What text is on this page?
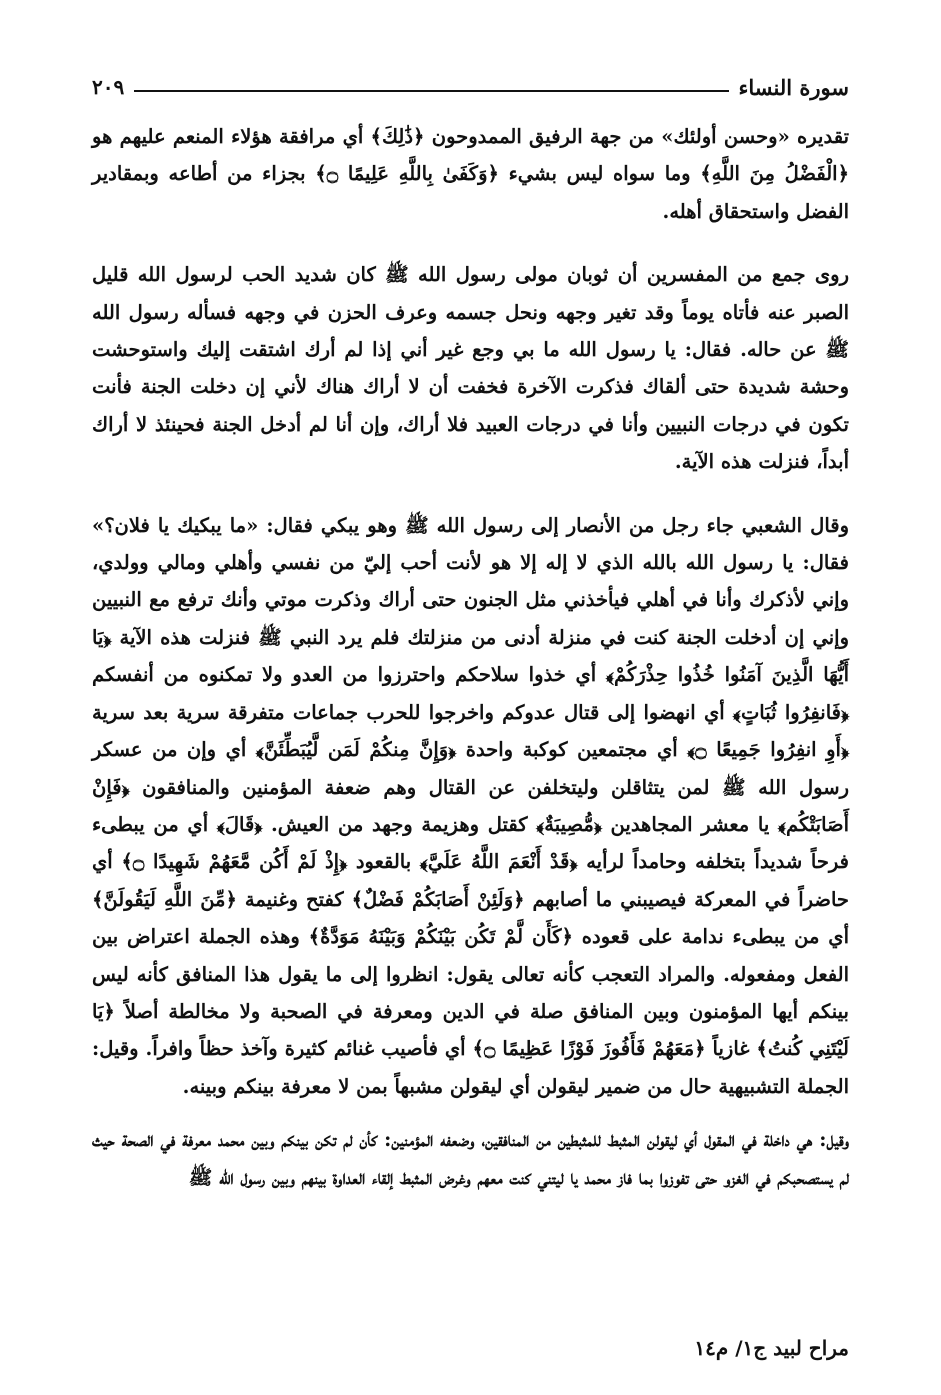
سورة النساء
٢٠٩

تقديره «وحسن أولئك» من جهة الرفيق الممدوحون ﴿ذَٰلِكَ﴾ أي مرافقة هؤلاء المنعم عليهم هو ﴿الْفَضْلُ مِنَ اللَّهِ﴾ وما سواه ليس بشيء ﴿وَكَفَىٰ بِاللَّهِ عَلِيمًا ۝﴾ بجزاء من أطاعه وبمقادير الفضل واستحقاق أهله.

روى جمع من المفسرين أن ثوبان مولى رسول الله ﷺ كان شديد الحب لرسول الله قليل الصبر عنه فأتاه يوماً وقد تغير وجهه ونحل جسمه وعرف الحزن في وجهه فسأله رسول الله ﷺ عن حاله. فقال: يا رسول الله ما بي وجع غير أني إذا لم أرك اشتقت إليك واستوحشت وحشة شديدة حتى ألقاك فذكرت الآخرة فخفت أن لا أراك هناك لأني إن دخلت الجنة فأنت تكون في درجات النبيين وأنا في درجات العبيد فلا أراك، وإن أنا لم أدخل الجنة فحينئذ لا أراك أبداً، فنزلت هذه الآية.

وقال الشعبي جاء رجل من الأنصار إلى رسول الله ﷺ وهو يبكي فقال: «ما يبكيك يا فلان؟» فقال: يا رسول الله بالله الذي لا إله إلا هو لأنت أحب إليّ من نفسي وأهلي ومالي وولدي، وإني لأذكرك وأنا في أهلي فيأخذني مثل الجنون حتى أراك وذكرت موتي وأنك ترفع مع النبيين وإني إن أدخلت الجنة كنت في منزلة أدنى من منزلتك فلم يرد النبي ﷺ فنزلت هذه الآية ﴿يَا أَيُّهَا الَّذِينَ آمَنُوا خُذُوا حِذْرَكُمْ﴾ أي خذوا سلاحكم واحترزوا من العدو ولا تمكنوه من أنفسكم ﴿فَانفِرُوا ثُبَاتٍ﴾ أي انهضوا إلى قتال عدوكم واخرجوا للحرب جماعات متفرقة سرية بعد سرية ﴿أَوِ انفِرُوا جَمِيعًا ۝﴾ أي مجتمعين كوكبة واحدة ﴿وَإِنَّ مِنكُمْ لَمَن لَّيُبَطِّئَنَّ﴾ أي وإن من عسكر رسول الله ﷺ لمن يتثاقلن وليتخلفن عن القتال وهم ضعفة المؤمنين والمنافقون ﴿فَإِنْ أَصَابَتْكُم﴾ يا معشر المجاهدين ﴿مُّصِيبَةٌ﴾ كقتل وهزيمة وجهد من العيش. ﴿قَالَ﴾ أي من يبطىء فرحاً شديداً بتخلفه وحامداً لرأيه ﴿قَدْ أَنْعَمَ اللَّهُ عَلَيَّ﴾ بالقعود ﴿إِذْ لَمْ أَكُن مَّعَهُمْ شَهِيدًا ۝﴾ أي حاضراً في المعركة فيصيبني ما أصابهم ﴿وَلَئِنْ أَصَابَكُمْ فَضْلٌ﴾ كفتح وغنيمة ﴿مِّنَ اللَّهِ لَيَقُولَنَّ﴾ أي من يبطىء ندامة على قعوده ﴿كَأَن لَّمْ تَكُن بَيْنَكُمْ وَبَيْنَهُ مَوَدَّةٌ﴾ وهذه الجملة اعتراض بين الفعل ومفعوله. والمراد التعجب كأنه تعالى يقول: انظروا إلى ما يقول هذا المنافق كأنه ليس بينكم أيها المؤمنون وبين المنافق صلة في الدين ومعرفة في الصحبة ولا مخالطة أصلاً ﴿يَا لَيْتَنِي كُنتُ﴾ غازياً ﴿مَعَهُمْ فَأَفُوزَ فَوْزًا عَظِيمًا ۝﴾ أي فأصيب غنائم كثيرة وآخذ حظاً وافراً. وقيل: الجملة التشبيهية حال من ضمير ليقولن أي ليقولن مشبهاً بمن لا معرفة بينكم وبينه.

وقيل: هي داخلة في المقول أي ليقولن المثبط للمثبطين من المنافقين، وضعفه المؤمنين: كأن لم تكن بينكم وبين محمد معرفة في الصحة حيث لم يستصحبكم في الغزو حتى تفوزوا بما فاز محمد يا ليتني كنت معهم وغرض المثبط إلقاء العداوة بينهم وبين رسول الله ﷺ

مراح لبيد ج١/ م١٤
